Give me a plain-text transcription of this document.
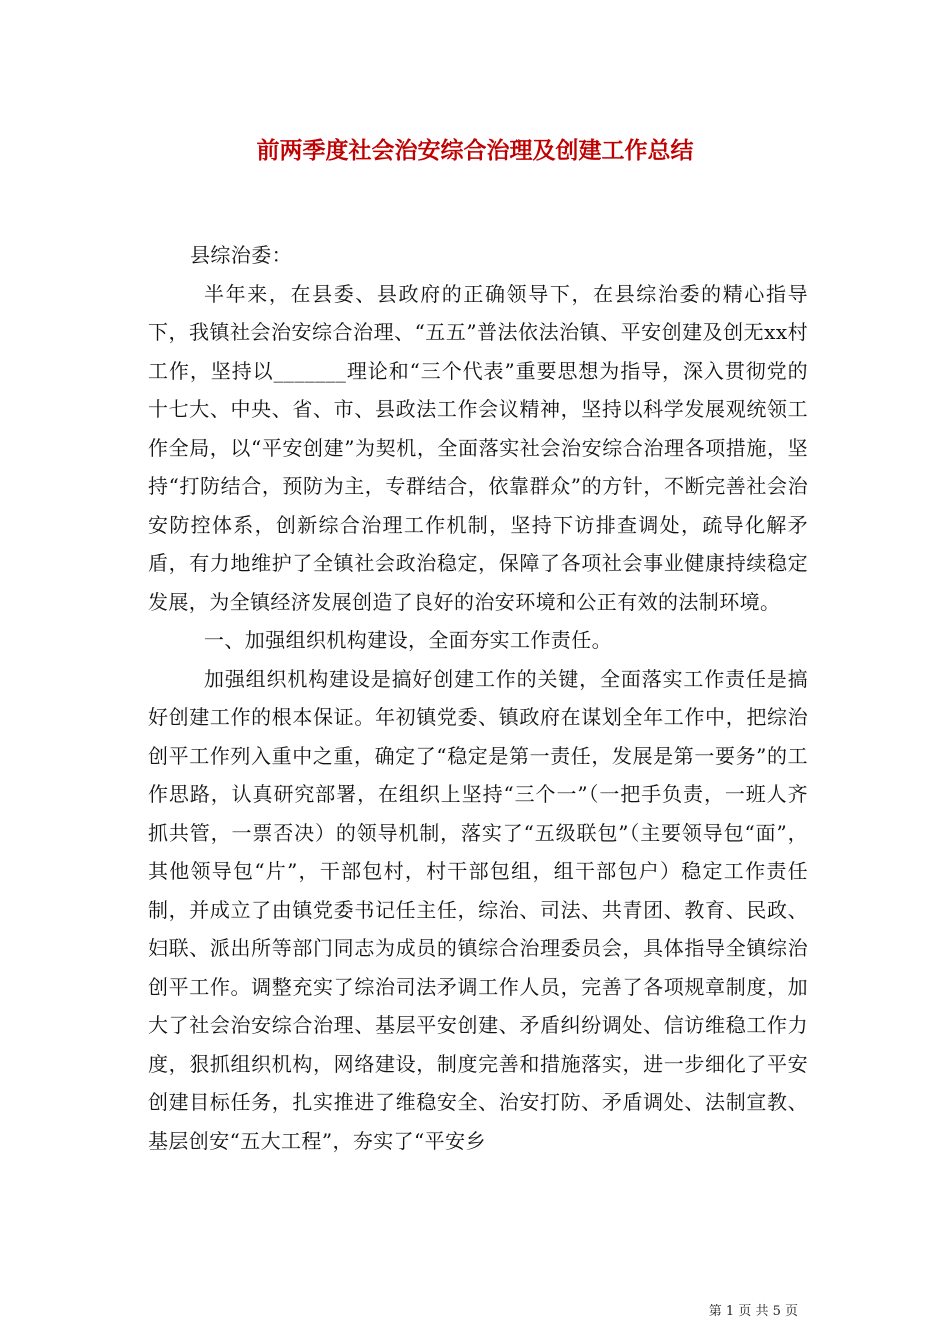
前两季度社会治安综合治理及创建工作总结

县综治委：

半年来，在县委、县政府的正确领导下，在县综治委的精心指导下，我镇社会治安综合治理、“五五”普法依法治镇、平安创建及创无xx村工作，坚持以_______理论和“三个代表”重要思想为指导，深入贯彻党的十七大、中央、省、市、县政法工作会议精神，坚持以科学发展观统领工作全局，以“平安创建”为契机，全面落实社会治安综合治理各项措施，坚持“打防结合，预防为主，专群结合，依靠群众”的方针，不断完善社会治安防控体系，创新综合治理工作机制，坚持下访排查调处，疏导化解矛盾，有力地维护了全镇社会政治稳定，保障了各项社会事业健康持续稳定发展，为全镇经济发展创造了良好的治安环境和公正有效的法制环境。

一、加强组织机构建设，全面夯实工作责任。

加强组织机构建设是搞好创建工作的关键，全面落实工作责任是搞好创建工作的根本保证。年初镇党委、镇政府在谋划全年工作中，把综治创平工作列入重中之重，确定了“稳定是第一责任，发展是第一要务”的工作思路，认真研究部署，在组织上坚持“三个一”（一把手负责，一班人齐抓共管，一票否决）的领导机制，落实了“五级联包”（主要领导包“面”，其他领导包“片”，干部包村，村干部包组，组干部包户）稳定工作责任制，并成立了由镇党委书记任主任，综治、司法、共青团、教育、民政、妇联、派出所等部门同志为成员的镇综合治理委员会，具体指导全镇综治创平工作。调整充实了综治司法矛调工作人员，完善了各项规章制度，加大了社会治安综合治理、基层平安创建、矛盾纠纷调处、信访维稳工作力度，狠抓组织机构，网络建设，制度完善和措施落实，进一步细化了平安创建目标任务，扎实推进了维稳安全、治安打防、矛盾调处、法制宣教、基层创安“五大工程”，夯实了“平安乡

第 1 页 共 5 页
